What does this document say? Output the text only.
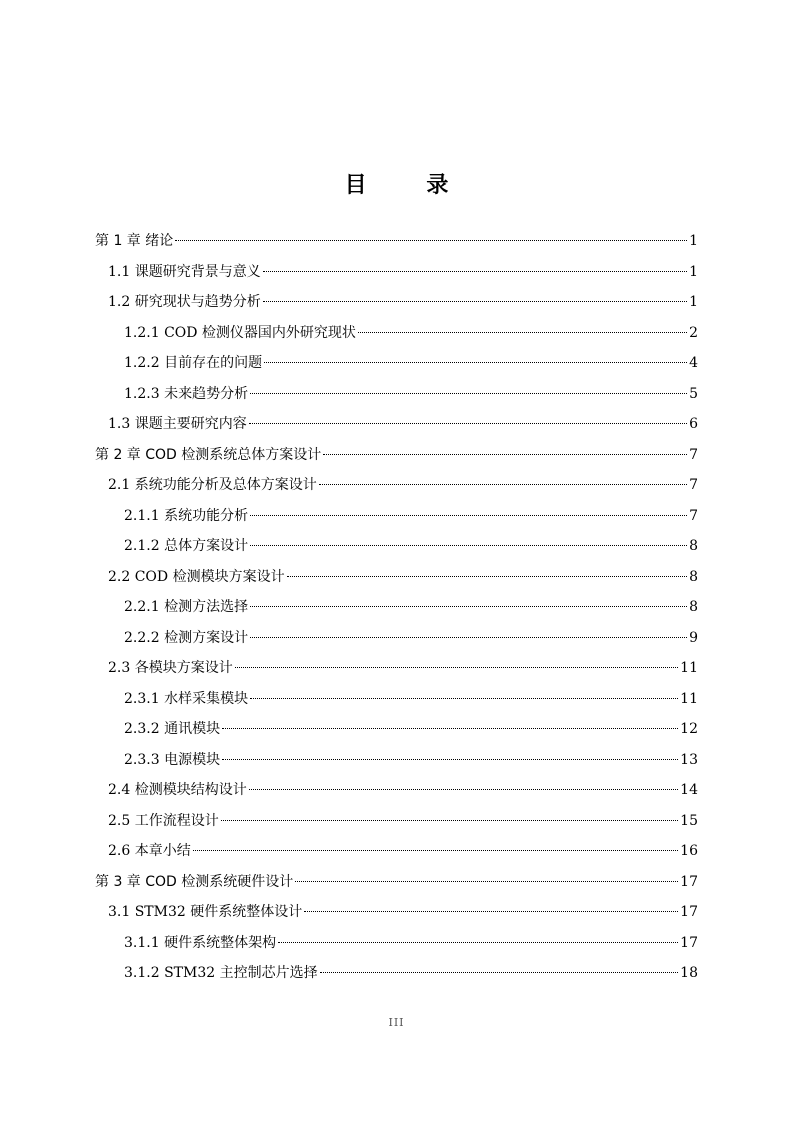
目 录
第 1 章 绪论	1
1.1 课题研究背景与意义	1
1.2 研究现状与趋势分析	1
1.2.1 COD 检测仪器国内外研究现状	2
1.2.2 目前存在的问题	4
1.2.3 未来趋势分析	5
1.3 课题主要研究内容	6
第 2 章 COD 检测系统总体方案设计	7
2.1 系统功能分析及总体方案设计	7
2.1.1 系统功能分析	7
2.1.2 总体方案设计	8
2.2 COD 检测模块方案设计	8
2.2.1 检测方法选择	8
2.2.2 检测方案设计	9
2.3 各模块方案设计	11
2.3.1 水样采集模块	11
2.3.2 通讯模块	12
2.3.3 电源模块	13
2.4 检测模块结构设计	14
2.5 工作流程设计	15
2.6 本章小结	16
第 3 章 COD 检测系统硬件设计	17
3.1 STM32 硬件系统整体设计	17
3.1.1 硬件系统整体架构	17
3.1.2 STM32 主控制芯片选择	18
III
